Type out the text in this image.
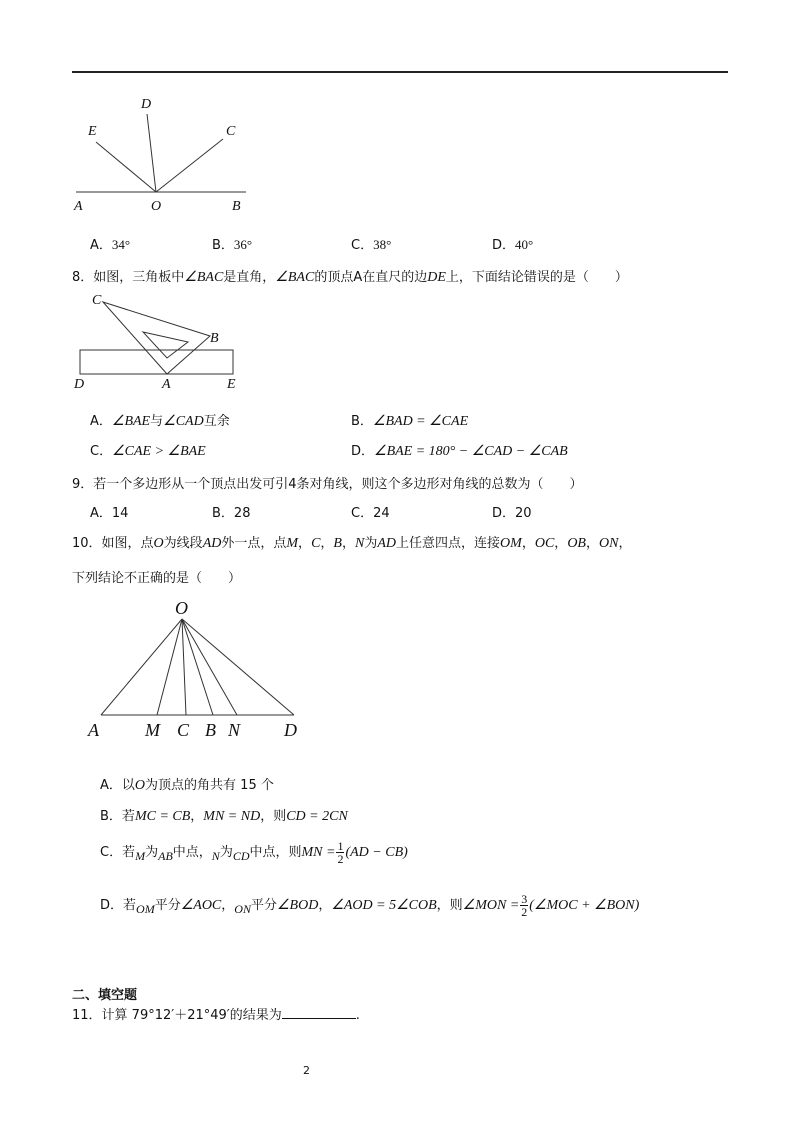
D
E	C
A	O	B
A．34°	B．36°	C．38°	D．40°
8．如图，三角板中∠BAC是直角，∠BAC的顶点A在直尺的边DE上，下面结论错误的是（　　）
C
B
D	A	E
A．∠BAE与∠CAD互余	B．∠BAD = ∠CAE
C．∠CAE > ∠BAE	D．∠BAE = 180° − ∠CAD − ∠CAB
9．若一个多边形从一个顶点出发可引4条对角线，则这个多边形对角线的总数为（　　）
A．14	B．28	C．24	D．20
10．如图，点O为线段AD外一点，点M，C，B，N为AD上任意四点，连接OM，OC，OB，ON，
下列结论不正确的是（　　）
O
A	M C B N D
A．以O为顶点的角共有 15 个
B．若MC = CB，MN = ND，则CD = 2CN
C．若M为AB中点，N为CD中点，则MN = $\frac{1}{2} (AD - CB)$
D．若OM平分∠AOC，ON平分∠BOD，∠AOD = 5∠COB，则∠MON = $\frac{3}{2}$ (∠MOC + ∠BON)
二、填空题
11．计算 79°12′＋21°49′的结果为	.
2
